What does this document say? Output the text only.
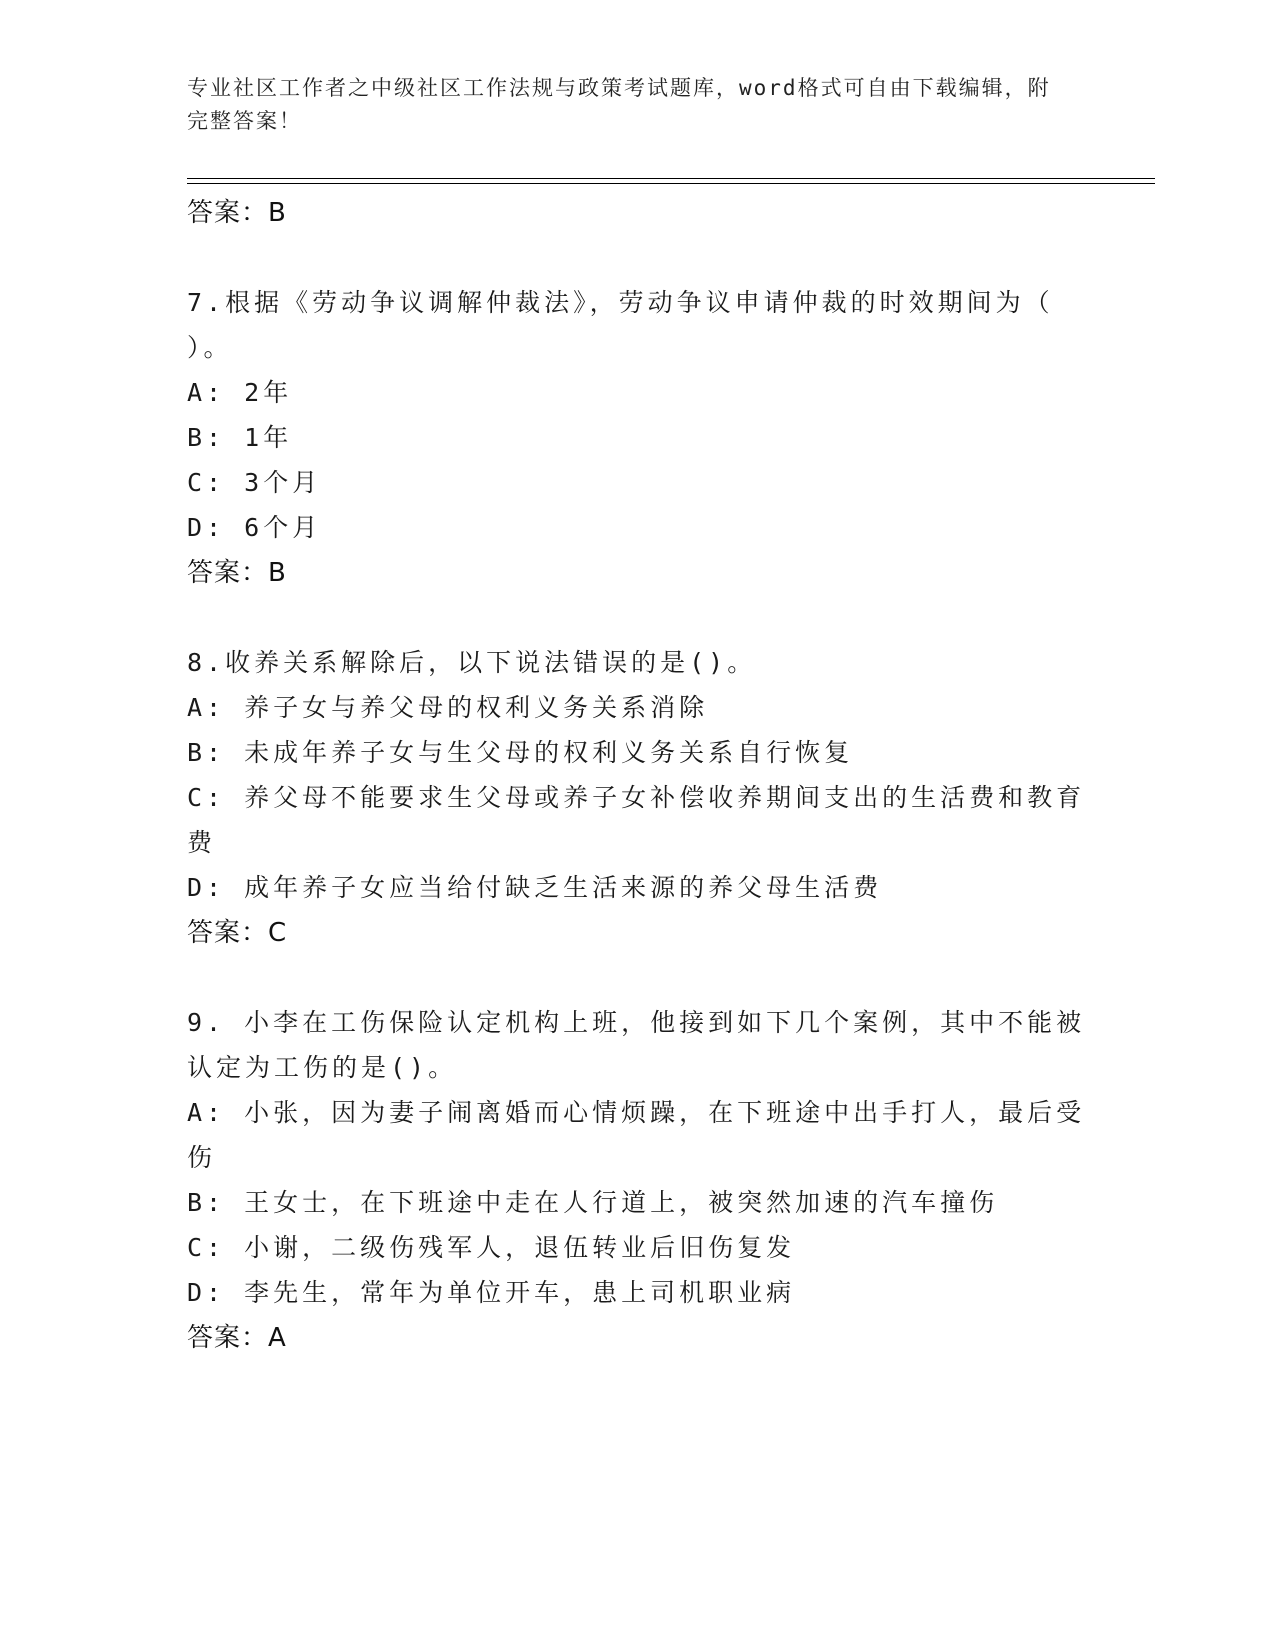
专业社区工作者之中级社区工作法规与政策考试题库，word格式可自由下载编辑，附完整答案！
答案：B
7.根据《劳动争议调解仲裁法》，劳动争议申请仲裁的时效期间为（ ）。
A: 2年
B: 1年
C: 3个月
D: 6个月
答案：B
8.收养关系解除后，以下说法错误的是()。
A: 养子女与养父母的权利义务关系消除
B: 未成年养子女与生父母的权利义务关系自行恢复
C: 养父母不能要求生父母或养子女补偿收养期间支出的生活费和教育费
D: 成年养子女应当给付缺乏生活来源的养父母生活费
答案：C
9. 小李在工伤保险认定机构上班，他接到如下几个案例，其中不能被认定为工伤的是()。
A: 小张，因为妻子闹离婚而心情烦躁，在下班途中出手打人，最后受伤
B: 王女士，在下班途中走在人行道上，被突然加速的汽车撞伤
C: 小谢，二级伤残军人，退伍转业后旧伤复发
D: 李先生，常年为单位开车，患上司机职业病
答案：A
